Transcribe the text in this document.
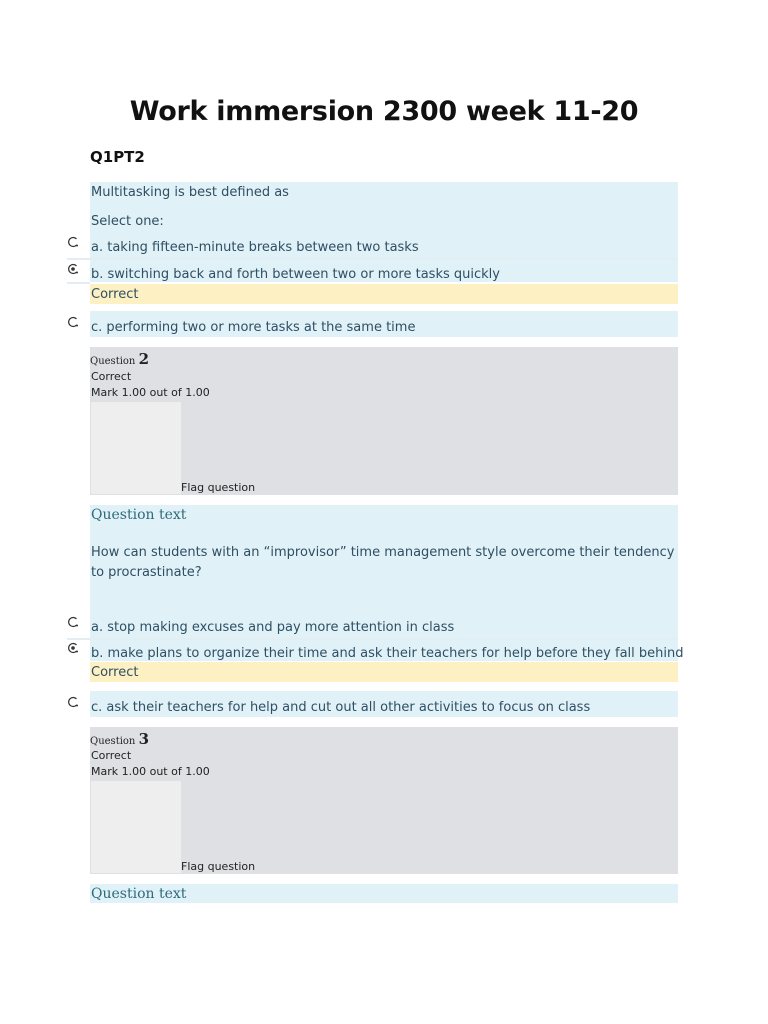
Work immersion 2300 week 11-20
Q1PT2
Multitasking is best defined as
Select one:
a. taking fifteen-minute breaks between two tasks
b. switching back and forth between two or more tasks quickly
Correct
c. performing two or more tasks at the same time
Question 2
Correct
Mark 1.00 out of 1.00
Flag question
Question text
How can students with an “improvisor” time management style overcome their tendency to procrastinate?
a. stop making excuses and pay more attention in class
b. make plans to organize their time and ask their teachers for help before they fall behind
Correct
c. ask their teachers for help and cut out all other activities to focus on class
Question 3
Correct
Mark 1.00 out of 1.00
Flag question
Question text
